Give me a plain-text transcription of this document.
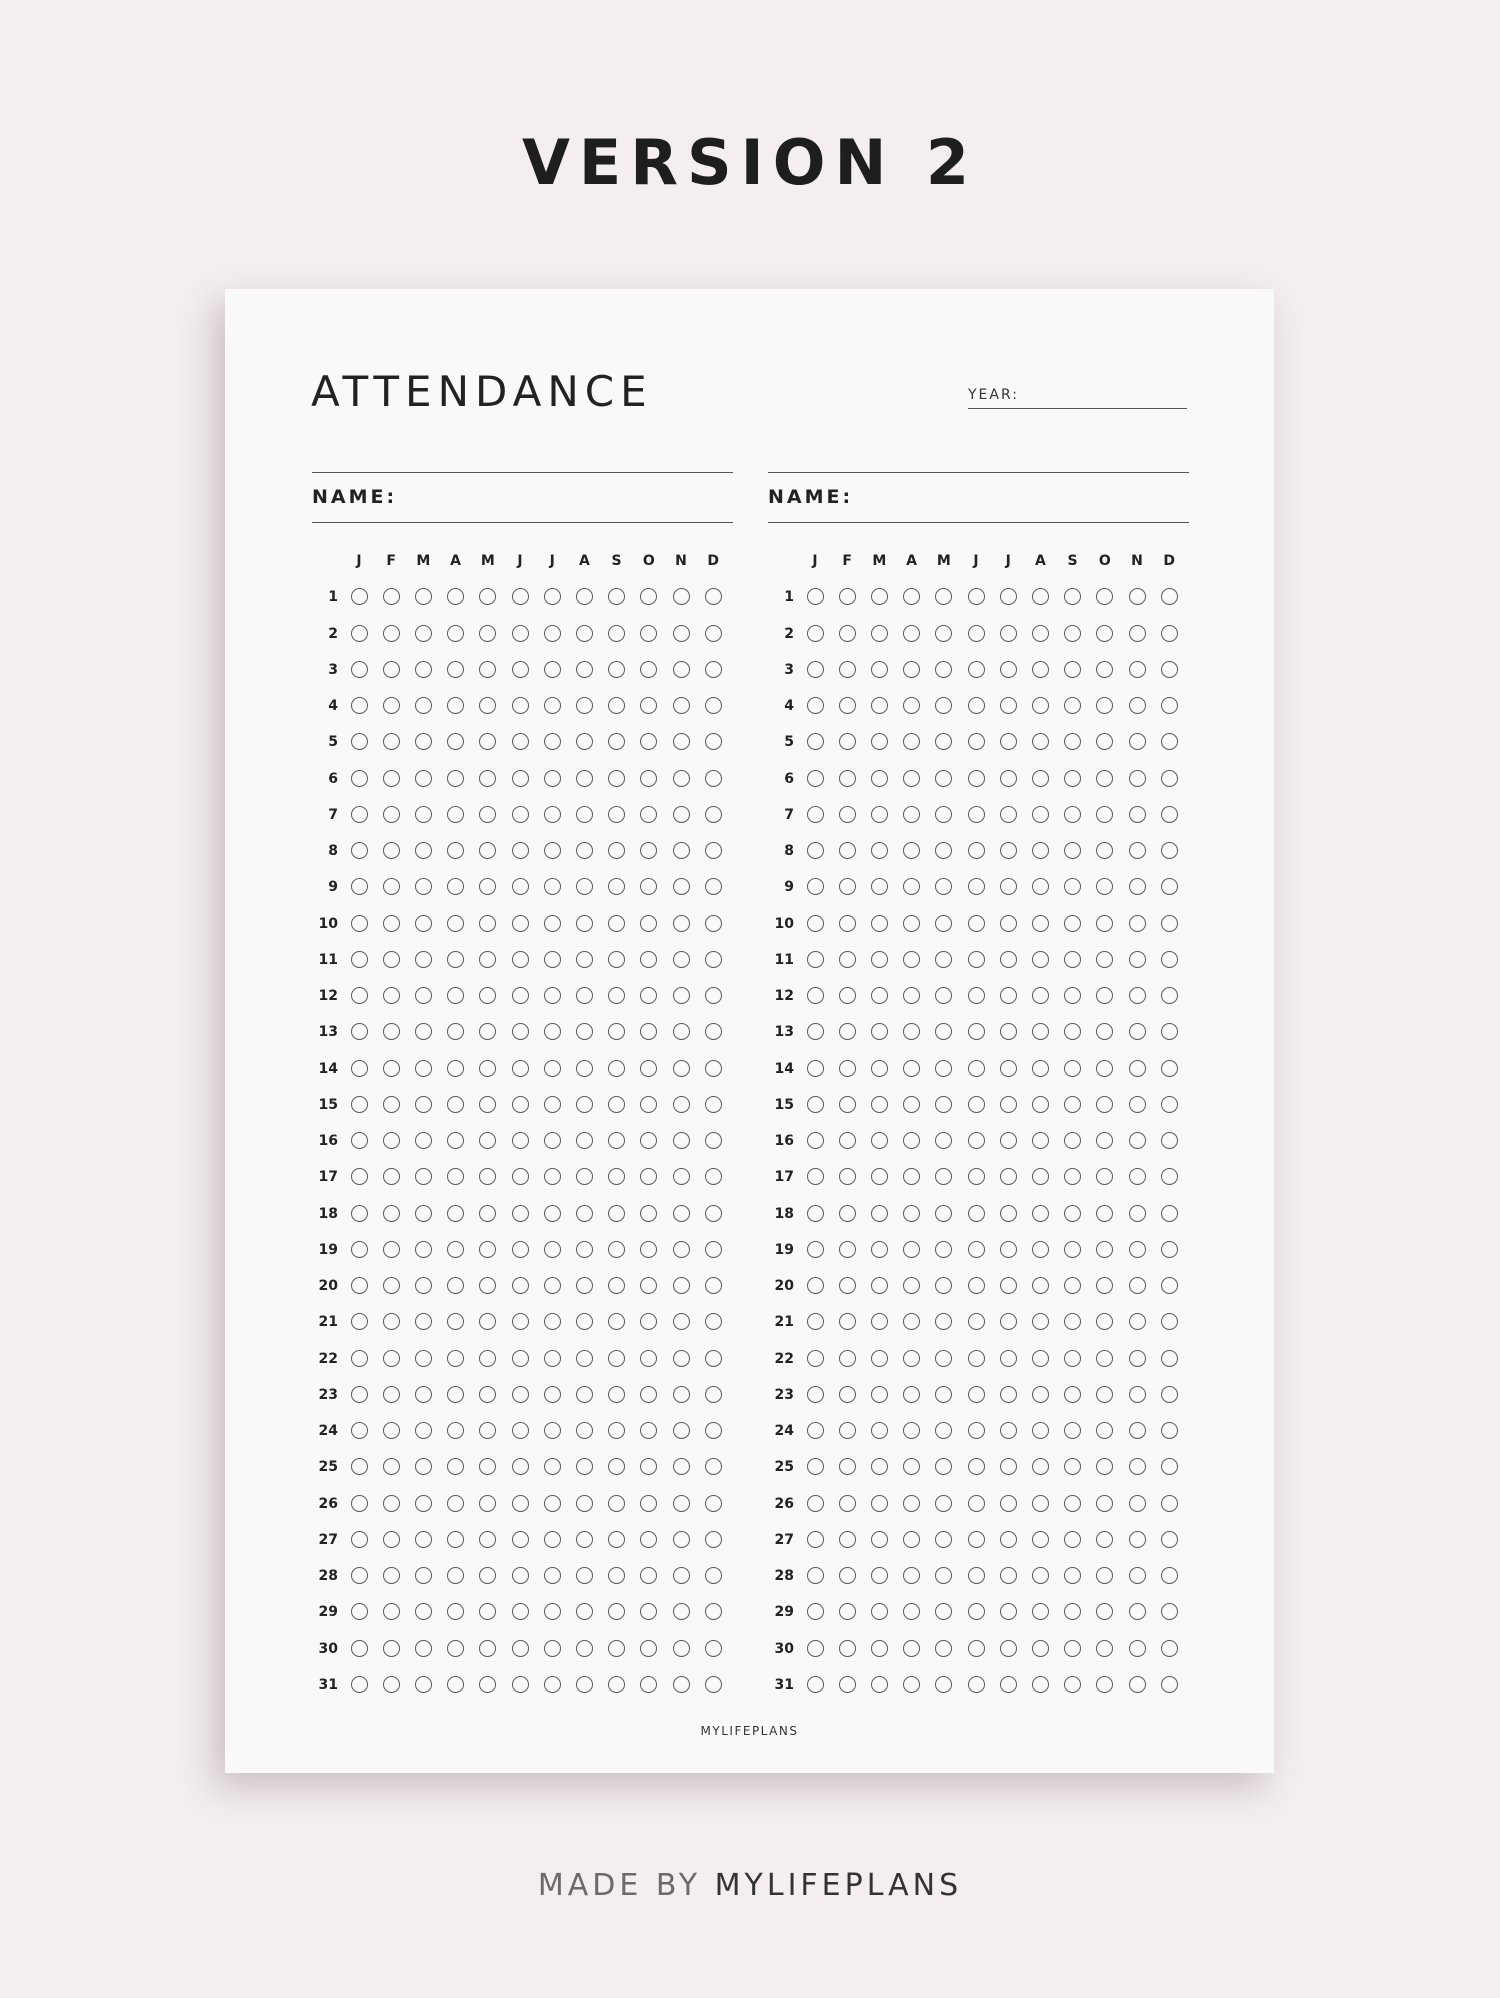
VERSION 2
ATTENDANCE	YEAR:
NAME:
J	F	M	A	M	J	J	A	S	O	N	D
1
2
3
4
5
6
7
8
9
10
11
12
13
14
15
16
17
18
19
20
21
22
23
24
25
26
27
28
29
30
31
NAME:
J	F	M	A	M	J	J	A	S	O	N	D
1
2
3
4
5
6
7
8
9
10
11
12
13
14
15
16
17
18
19
20
21
22
23
24
25
26
27
28
29
30
31
MYLIFEPLANS
MADE BY MYLIFEPLANS
